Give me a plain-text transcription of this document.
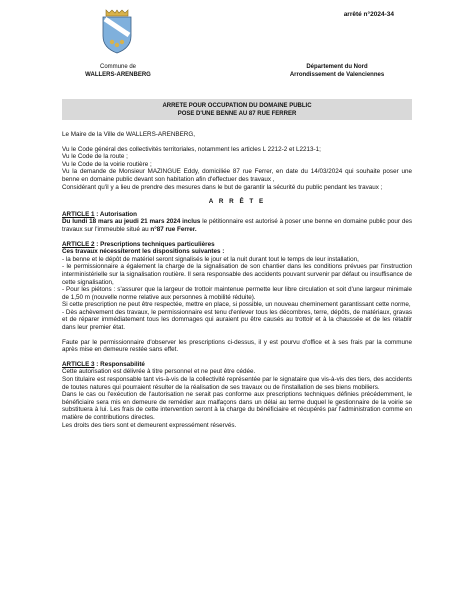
arrêté n°2024-34
Commune de
WALLERS-ARENBERG
Département du Nord
Arrondissement de Valenciennes
ARRETE POUR OCCUPATION DU DOMAINE PUBLIC
POSE D'UNE BENNE AU 87 RUE FERRER

Le Maire de la Ville de WALLERS-ARENBERG,

Vu le Code général des collectivités territoriales, notamment les articles L 2212-2 et L2213-1;

Vu le Code de la route ;

Vu le Code de la voirie routière ;

Vu la demande de Monsieur MAZINGUE Eddy, domiciliée 87 rue Ferrer, en date du 14/03/2024 qui souhaite poser une benne en domaine public devant son habitation afin d'effectuer des travaux ,

Considérant qu'il y a lieu de prendre des mesures dans le but de garantir la sécurité du public pendant les travaux ;

A R R Ê T E

ARTICLE 1 : Autorisation

Du lundi 18 mars au jeudi 21 mars 2024 inclus le pétitionnaire est autorisé à poser une benne en domaine public pour des travaux sur l'immeuble situé au n°87 rue Ferrer.

ARTICLE 2 : Prescriptions techniques particulières

Ces travaux nécessiteront les dispositions suivantes :

- la benne et le dépôt de matériel seront signalisés le jour et la nuit durant tout le temps de leur installation,

- le permissionnaire a également la charge de la signalisation de son chantier dans les conditions prévues par l'instruction interministérielle sur la signalisation routière. Il sera responsable des accidents pouvant survenir par défaut ou insuffisance de cette signalisation,

- Pour les piétons : s'assurer que la largeur de trottoir maintenue permette leur libre circulation et soit d'une largeur minimale de 1,50 m (nouvelle norme relative aux personnes à mobilité réduite).

Si cette prescription ne peut être respectée, mettre en place, si possible, un nouveau cheminement garantissant cette norme,

- Dès achèvement des travaux, le permissionnaire est tenu d'enlever tous les décombres, terre, dépôts, de matériaux, gravas et de réparer immédiatement tous les dommages qui auraient pu être causés au trottoir et à la chaussée et de les rétablir dans leur premier état.

Faute par le permissionnaire d'observer les prescriptions ci-dessus, il y est pourvu d'office et à ses frais par la commune après mise en demeure restée sans effet.

ARTICLE 3 : Responsabilité

Cette autorisation est délivrée à titre personnel et ne peut être cédée.

Son titulaire est responsable tant vis-à-vis de la collectivité représentée par le signataire que vis-à-vis des tiers, des accidents de toutes natures qui pourraient résulter de la réalisation de ses travaux ou de l'installation de ses biens mobiliers.

Dans le cas ou l'exécution de l'autorisation ne serait pas conforme aux prescriptions techniques définies précédemment, le bénéficiaire sera mis en demeure de remédier aux malfaçons dans un délai au terme duquel le gestionnaire de la voirie se substituera à lui. Les frais de cette intervention seront à la charge du bénéficiaire et récupérés par l'administration comme en matière de contributions directes.

Les droits des tiers sont et demeurent expressément réservés.
